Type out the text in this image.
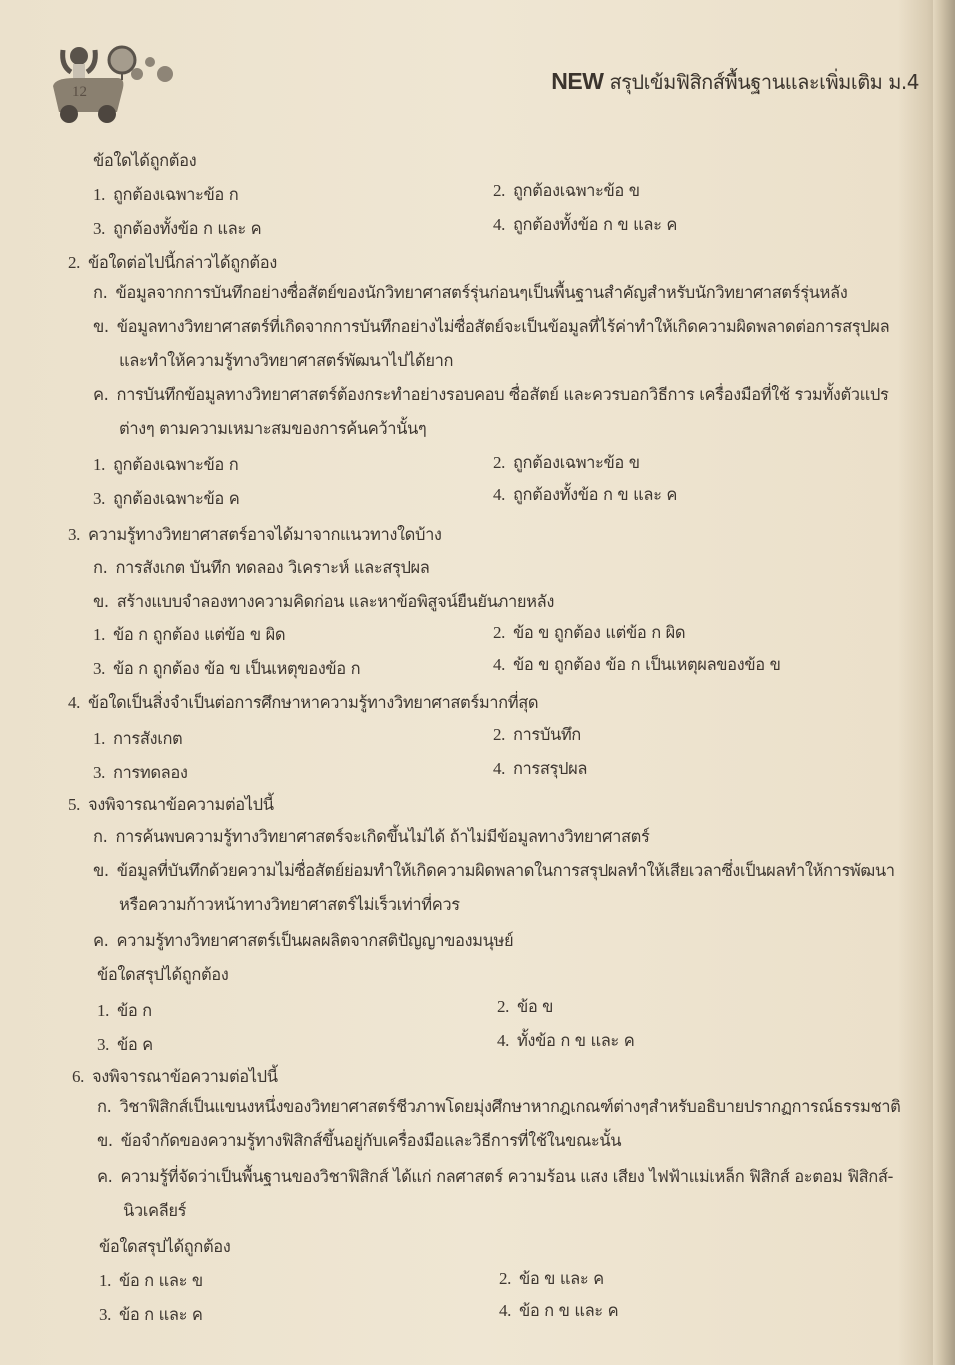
12	NEW สรุปเข้มฟิสิกส์พื้นฐานและเพิ่มเติม ม.4
ข้อใดได้ถูกต้อง
1. ถูกต้องเฉพาะข้อ ก	2. ถูกต้องเฉพาะข้อ ข
3. ถูกต้องทั้งข้อ ก และ ค	4. ถูกต้องทั้งข้อ ก ข และ ค
2. ข้อใดต่อไปนี้กล่าวได้ถูกต้อง
ก. ข้อมูลจากการบันทึกอย่างซื่อสัตย์ของนักวิทยาศาสตร์รุ่นก่อนๆเป็นพื้นฐานสำคัญสำหรับนักวิทยาศาสตร์รุ่นหลัง
ข. ข้อมูลทางวิทยาศาสตร์ที่เกิดจากการบันทึกอย่างไม่ซื่อสัตย์จะเป็นข้อมูลที่ไร้ค่าทำให้เกิดความผิดพลาดต่อการสรุปผล
และทำให้ความรู้ทางวิทยาศาสตร์พัฒนาไปได้ยาก
ค. การบันทึกข้อมูลทางวิทยาศาสตร์ต้องกระทำอย่างรอบคอบ ซื่อสัตย์ และควรบอกวิธีการ เครื่องมือที่ใช้ รวมทั้งตัวแปร
ต่างๆ ตามความเหมาะสมของการค้นคว้านั้นๆ
1. ถูกต้องเฉพาะข้อ ก	2. ถูกต้องเฉพาะข้อ ข
3. ถูกต้องเฉพาะข้อ ค	4. ถูกต้องทั้งข้อ ก ข และ ค
3. ความรู้ทางวิทยาศาสตร์อาจได้มาจากแนวทางใดบ้าง
ก. การสังเกต บันทึก ทดลอง วิเคราะห์ และสรุปผล
ข. สร้างแบบจำลองทางความคิดก่อน และหาข้อพิสูจน์ยืนยันภายหลัง
1. ข้อ ก ถูกต้อง แต่ข้อ ข ผิด	2. ข้อ ข ถูกต้อง แต่ข้อ ก ผิด
3. ข้อ ก ถูกต้อง ข้อ ข เป็นเหตุของข้อ ก	4. ข้อ ข ถูกต้อง ข้อ ก เป็นเหตุผลของข้อ ข
4. ข้อใดเป็นสิ่งจำเป็นต่อการศึกษาหาความรู้ทางวิทยาศาสตร์มากที่สุด
1. การสังเกต	2. การบันทึก
3. การทดลอง	4. การสรุปผล
5. จงพิจารณาข้อความต่อไปนี้
ก. การค้นพบความรู้ทางวิทยาศาสตร์จะเกิดขึ้นไม่ได้ ถ้าไม่มีข้อมูลทางวิทยาศาสตร์
ข. ข้อมูลที่บันทึกด้วยความไม่ซื่อสัตย์ย่อมทำให้เกิดความผิดพลาดในการสรุปผลทำให้เสียเวลาซึ่งเป็นผลทำให้การพัฒนา
หรือความก้าวหน้าทางวิทยาศาสตร์ไม่เร็วเท่าที่ควร
ค. ความรู้ทางวิทยาศาสตร์เป็นผลผลิตจากสติปัญญาของมนุษย์
ข้อใดสรุปได้ถูกต้อง
1. ข้อ ก	2. ข้อ ข
3. ข้อ ค	4. ทั้งข้อ ก ข และ ค
6. จงพิจารณาข้อความต่อไปนี้
ก. วิชาฟิสิกส์เป็นแขนงหนึ่งของวิทยาศาสตร์ชีวภาพโดยมุ่งศึกษาหากฎเกณฑ์ต่างๆสำหรับอธิบายปรากฏการณ์ธรรมชาติ
ข. ข้อจำกัดของความรู้ทางฟิสิกส์ขึ้นอยู่กับเครื่องมือและวิธีการที่ใช้ในขณะนั้น
ค. ความรู้ที่จัดว่าเป็นพื้นฐานของวิชาฟิสิกส์ ได้แก่ กลศาสตร์ ความร้อน แสง เสียง ไฟฟ้าแม่เหล็ก ฟิสิกส์ อะตอม ฟิสิกส์-
นิวเคลียร์
ข้อใดสรุปได้ถูกต้อง
1. ข้อ ก และ ข	2. ข้อ ข และ ค
3. ข้อ ก และ ค	4. ข้อ ก ข และ ค
